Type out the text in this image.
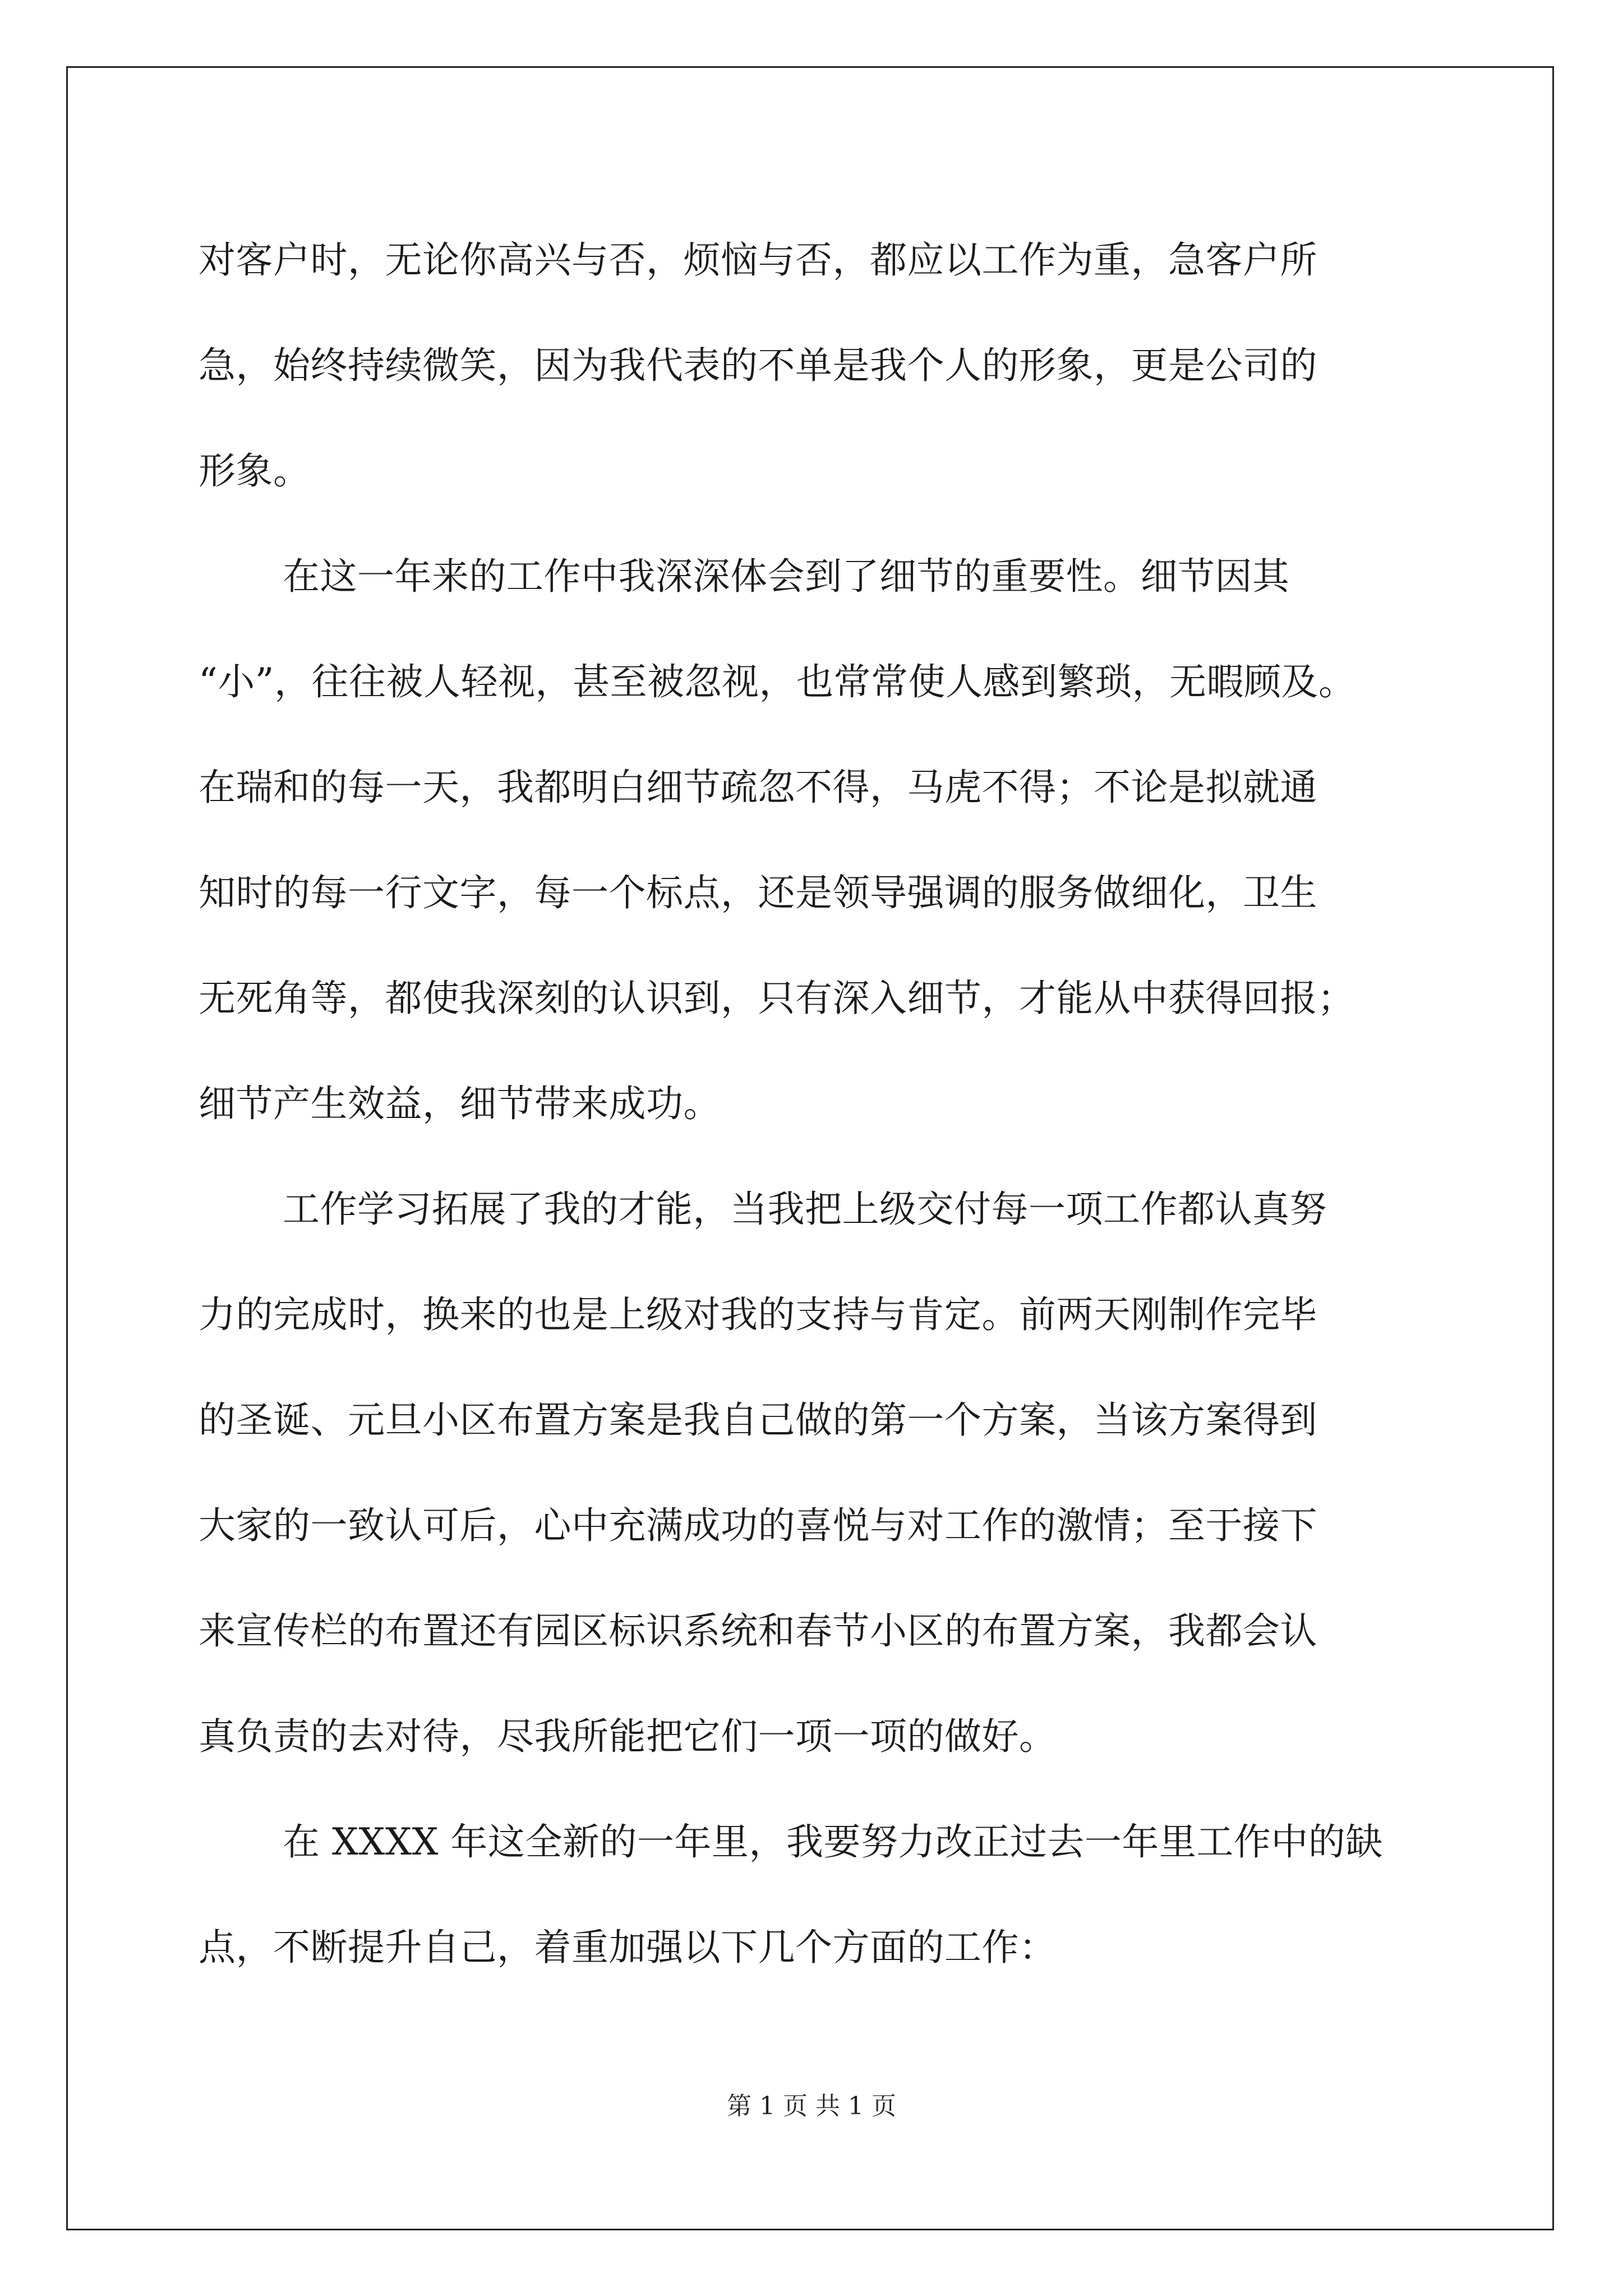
对客户时，无论你高兴与否，烦恼与否，都应以工作为重，急客户所
急，始终持续微笑，因为我代表的不单是我个人的形象，更是公司的
形象。
在这一年来的工作中我深深体会到了细节的重要性。细节因其
“小”，往往被人轻视，甚至被忽视，也常常使人感到繁琐，无暇顾及。
在瑞和的每一天，我都明白细节疏忽不得，马虎不得；不论是拟就通
知时的每一行文字，每一个标点，还是领导强调的服务做细化，卫生
无死角等，都使我深刻的认识到，只有深入细节，才能从中获得回报；
细节产生效益，细节带来成功。
工作学习拓展了我的才能，当我把上级交付每一项工作都认真努
力的完成时，换来的也是上级对我的支持与肯定。前两天刚制作完毕
的圣诞、元旦小区布置方案是我自己做的第一个方案，当该方案得到
大家的一致认可后，心中充满成功的喜悦与对工作的激情；至于接下
来宣传栏的布置还有园区标识系统和春节小区的布置方案，我都会认
真负责的去对待，尽我所能把它们一项一项的做好。
在 XXXX 年这全新的一年里，我要努力改正过去一年里工作中的缺
点，不断提升自己，着重加强以下几个方面的工作：
第 1 页 共 1 页
